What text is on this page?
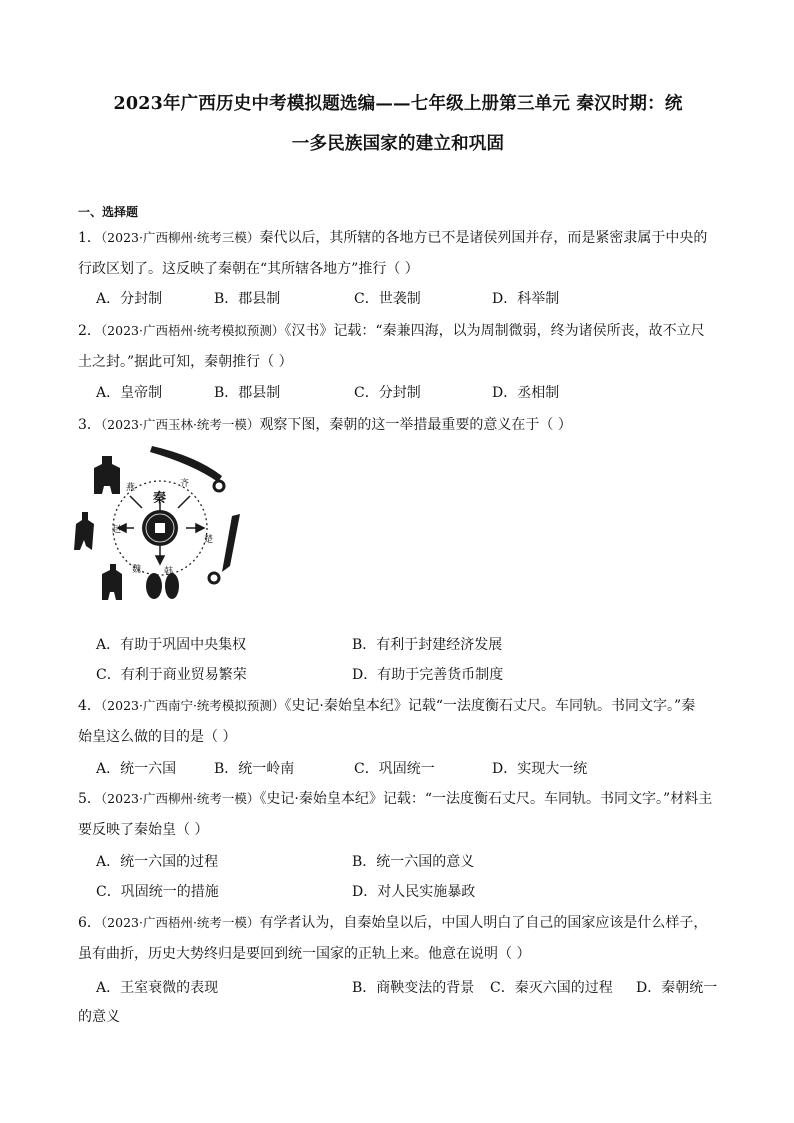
2023年广西历史中考模拟题选编——七年级上册第三单元 秦汉时期：统
一多民族国家的建立和巩固
一、选择题
1．（2023·广西柳州·统考三模）秦代以后，其所辖的各地方已不是诸侯列国并存，而是紧密隶属于中央的
行政区划了。这反映了秦朝在“其所辖各地方”推行（ ）
A．分封制	B．郡县制	C．世袭制	D．科举制
2．（2023·广西梧州·统考模拟预测）《汉书》记载：“秦兼四海，以为周制微弱，终为诸侯所丧，故不立尺
土之封。”据此可知，秦朝推行（ ）
A．皇帝制	B．郡县制	C．分封制	D．丞相制
3．（2023·广西玉林·统考一模）观察下图，秦朝的这一举措最重要的意义在于（ ）
秦
齐
燕
楚
赵
魏	韩
A．有助于巩固中央集权	B．有利于封建经济发展
C．有利于商业贸易繁荣	D．有助于完善货币制度
4．（2023·广西南宁·统考模拟预测）《史记·秦始皇本纪》记载“一法度衡石丈尺。车同轨。书同文字。”秦
始皇这么做的目的是（ ）
A．统一六国	B．统一岭南	C．巩固统一	D．实现大一统
5．（2023·广西柳州·统考一模）《史记·秦始皇本纪》记载：“一法度衡石丈尺。车同轨。书同文字。”材料主
要反映了秦始皇（ ）
A．统一六国的过程	B．统一六国的意义
C．巩固统一的措施	D．对人民实施暴政
6．（2023·广西梧州·统考一模）有学者认为，自秦始皇以后，中国人明白了自己的国家应该是什么样子，
虽有曲折，历史大势终归是要回到统一国家的正轨上来。他意在说明（ ）
A．王室衰微的表现	B．商鞅变法的背景 C．秦灭六国的过程 D．秦朝统一
的意义
